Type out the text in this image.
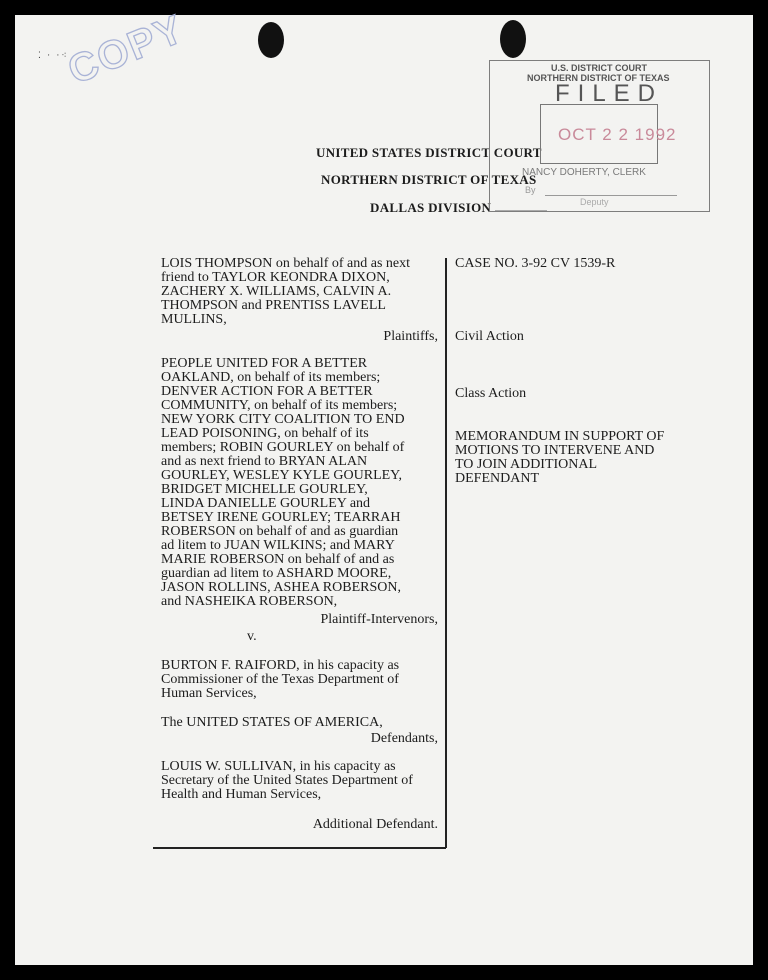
⁚ · ·⁖
COPY
UNITED STATES DISTRICT COURT
NORTHERN DISTRICT OF TEXAS
DALLAS DIVISION
U.S. DISTRICT COURT
NORTHERN DISTRICT OF TEXAS
FILED
OCT 2 2 1992
NANCY DOHERTY, CLERK
By
Deputy
LOIS THOMPSON on behalf of and as next
friend to TAYLOR KEONDRA DIXON,
ZACHERY X. WILLIAMS, CALVIN A.
THOMPSON and PRENTISS LAVELL
MULLINS,
Plaintiffs,
PEOPLE UNITED FOR A BETTER
OAKLAND, on behalf of its members;
DENVER ACTION FOR A BETTER
COMMUNITY, on behalf of its members;
NEW YORK CITY COALITION TO END
LEAD POISONING, on behalf of its
members; ROBIN GOURLEY on behalf of
and as next friend to BRYAN ALAN
GOURLEY, WESLEY KYLE GOURLEY,
BRIDGET MICHELLE GOURLEY,
LINDA DANIELLE GOURLEY and
BETSEY IRENE GOURLEY; TEARRAH
ROBERSON on behalf of and as guardian
ad litem to JUAN WILKINS; and MARY
MARIE ROBERSON on behalf of and as
guardian ad litem to ASHARD MOORE,
JASON ROLLINS, ASHEA ROBERSON,
and NASHEIKA ROBERSON,
Plaintiff-Intervenors,
v.
BURTON F. RAIFORD, in his capacity as
Commissioner of the Texas Department of
Human Services,
The UNITED STATES OF AMERICA,
Defendants,
LOUIS W. SULLIVAN, in his capacity as
Secretary of the United States Department of
Health and Human Services,
Additional Defendant.
CASE NO. 3-92 CV 1539-R
Civil Action
Class Action
MEMORANDUM IN SUPPORT OF
MOTIONS TO INTERVENE AND
TO JOIN ADDITIONAL
DEFENDANT
